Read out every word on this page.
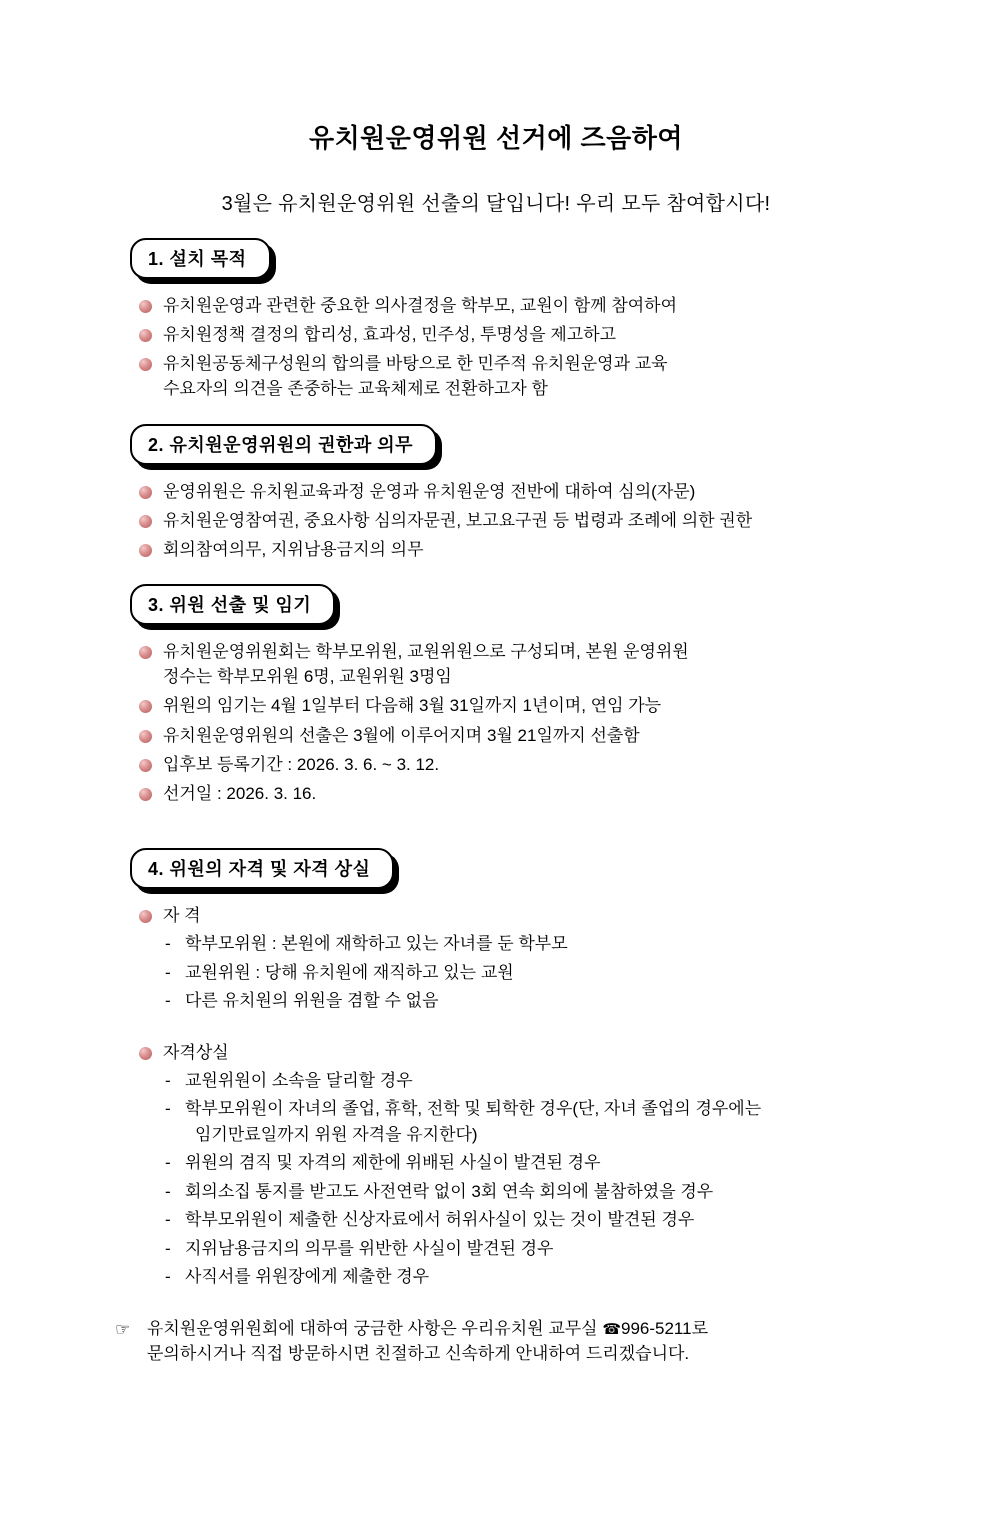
유치원운영위원 선거에 즈음하여

3월은 유치원운영위원 선출의 달입니다! 우리 모두 참여합시다!

1. 설치 목적
유치원운영과 관련한 중요한 의사결정을 학부모, 교원이 함께 참여하여
유치원정책 결정의 합리성, 효과성, 민주성, 투명성을 제고하고
유치원공동체구성원의 합의를 바탕으로 한 민주적 유치원운영과 교육
수요자의 의견을 존중하는 교육체제로 전환하고자 함
2. 유치원운영위원의 권한과 의무
운영위원은 유치원교육과정 운영과 유치원운영 전반에 대하여 심의(자문)
유치원운영참여권, 중요사항 심의자문권, 보고요구권 등 법령과 조례에 의한 권한
회의참여의무, 지위남용금지의 의무
3. 위원 선출 및 임기
유치원운영위원회는 학부모위원, 교원위원으로 구성되며, 본원 운영위원
정수는 학부모위원 6명, 교원위원 3명임
위원의 임기는 4월 1일부터 다음해 3월 31일까지 1년이며, 연임 가능
유치원운영위원의 선출은 3월에 이루어지며 3월 21일까지 선출함
입후보 등록기간 : 2026. 3. 6. ~ 3. 12.
선거일 : 2026. 3. 16.
4. 위원의 자격 및 자격 상실
자 격
- 학부모위원 : 본원에 재학하고 있는 자녀를 둔 학부모
- 교원위원 : 당해 유치원에 재직하고 있는 교원
- 다른 유치원의 위원을 겸할 수 없음
자격상실
- 교원위원이 소속을 달리할 경우
- 학부모위원이 자녀의 졸업, 휴학, 전학 및 퇴학한 경우(단, 자녀 졸업의 경우에는
임기만료일까지 위원 자격을 유지한다)
- 위원의 겸직 및 자격의 제한에 위배된 사실이 발견된 경우
- 회의소집 통지를 받고도 사전연락 없이 3회 연속 회의에 불참하였을 경우
- 학부모위원이 제출한 신상자료에서 허위사실이 있는 것이 발견된 경우
- 지위남용금지의 의무를 위반한 사실이 발견된 경우
- 사직서를 위원장에게 제출한 경우
☞ 유치원운영위원회에 대하여 궁금한 사항은 우리유치원 교무실 ☎996-5211로
문의하시거나 직접 방문하시면 친절하고 신속하게 안내하여 드리겠습니다.
